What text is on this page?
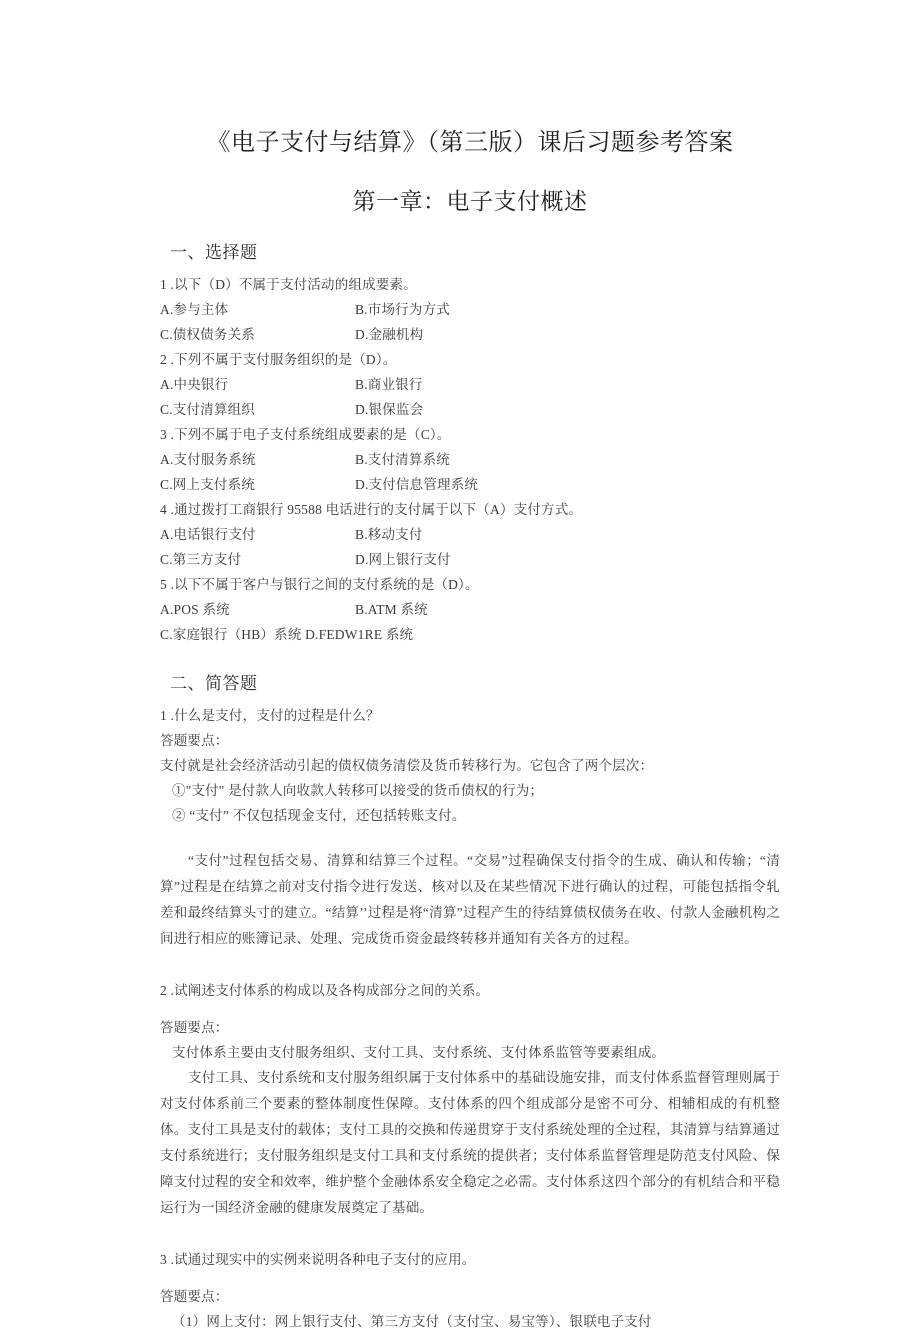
《电子支付与结算》（第三版）课后习题参考答案
第一章：电子支付概述
一、选择题

1 .以下（D）不属于支付活动的组成要素。

A.参与主体	B.市场行为方式
C.债权债务关系	D.金融机构

2 .下列不属于支付服务组织的是（D）。

A.中央银行	B.商业银行
C.支付清算组织	D.银保监会

3 .下列不属于电子支付系统组成要素的是（C）。

A.支付服务系统	B.支付清算系统
C.网上支付系统	D.支付信息管理系统

4 .通过拨打工商银行 95588 电话进行的支付属于以下（A）支付方式。

A.电话银行支付	B.移动支付
C.第三方支付	D.网上银行支付

5 .以下不属于客户与银行之间的支付系统的是（D）。

A.POS 系统	B.ATM 系统
C.家庭银行（HB）系统 D.FEDW1RE 系统
二、简答题

1 .什么是支付，支付的过程是什么？

答题要点：

支付就是社会经济活动引起的债权债务清偿及货币转移行为。它包含了两个层次：

①"支付" 是付款人向收款人转移可以接受的货币债权的行为；

② “支付” 不仅包括现金支付，还包括转账支付。

“支付”过程包括交易、清算和结算三个过程。“交易”过程确保支付指令的生成、确认和传输；“清算”过程是在结算之前对支付指令进行发送、核对以及在某些情况下进行确认的过程，可能包括指令轧差和最终结算头寸的建立。“结算’’过程是将“清算”过程产生的待结算债权债务在收、付款人金融机构之间进行相应的账簿记录、处理、完成货币资金最终转移并通知有关各方的过程。

2 .试阐述支付体系的构成以及各构成部分之间的关系。

答题要点：

支付体系主要由支付服务组织、支付工具、支付系统、支付体系监管等要素组成。

支付工具、支付系统和支付服务组织属于支付体系中的基础设施安排，而支付体系监督管理则属于对支付体系前三个要素的整体制度性保障。支付体系的四个组成部分是密不可分、相辅相成的有机整体。支付工具是支付的载体；支付工具的交换和传递贯穿于支付系统处理的全过程，其清算与结算通过支付系统进行；支付服务组织是支付工具和支付系统的提供者；支付体系监督管理是防范支付风险、保障支付过程的安全和效率，维护整个金融体系安全稳定之必需。支付体系这四个部分的有机结合和平稳运行为一国经济金融的健康发展奠定了基础。

3 .试通过现实中的实例来说明各种电子支付的应用。

答题要点：

（1）网上支付：网上银行支付、第三方支付（支付宝、易宝等）、银联电子支付
